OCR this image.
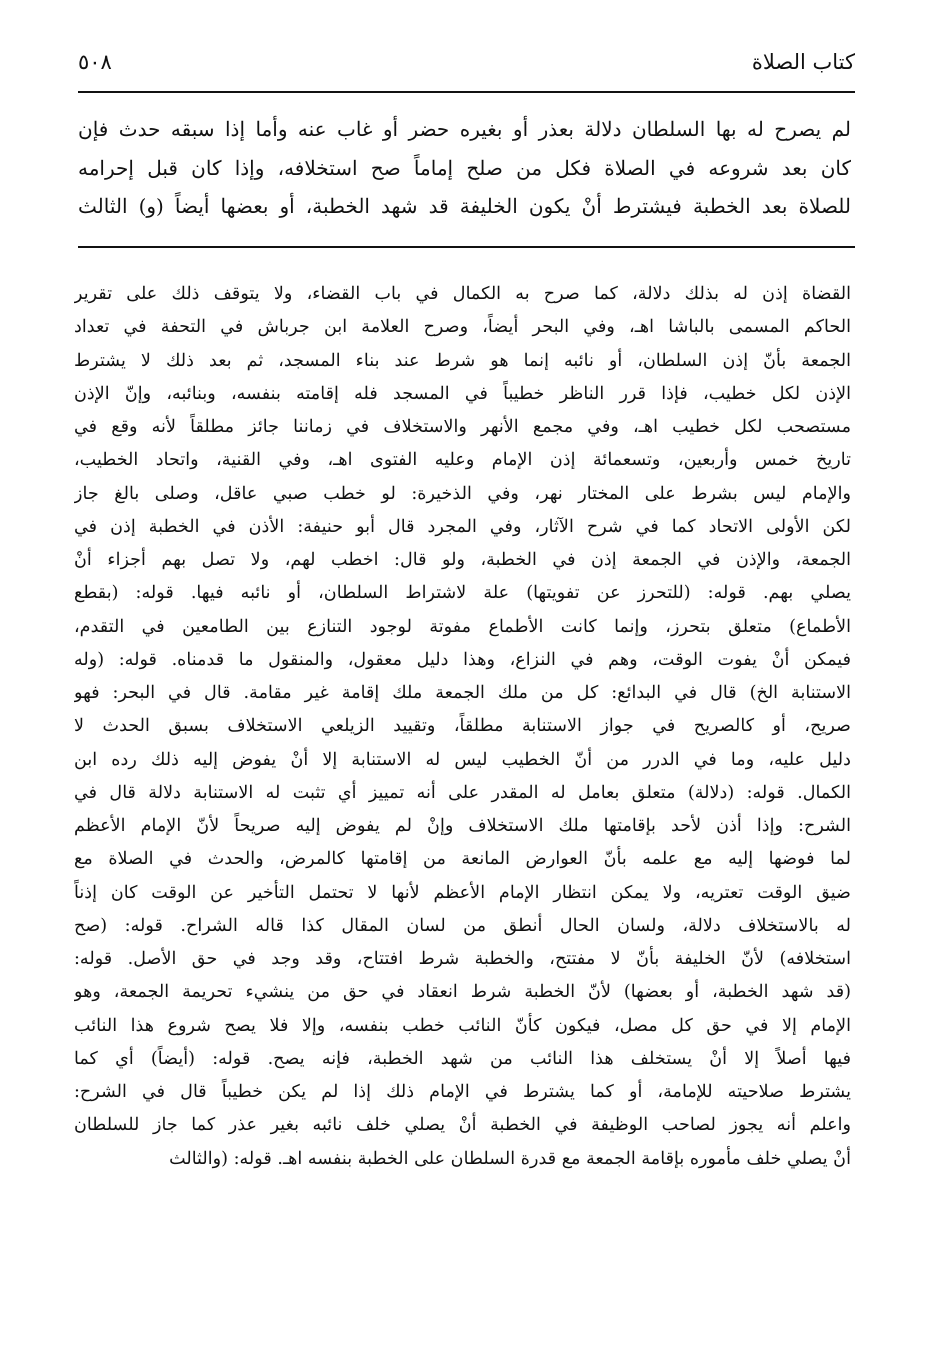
كتاب الصلاة
٥٠٨
لم يصرح له بها السلطان دلالة بعذر أو بغيره حضر أو غاب عنه وأما إذا سبقه حدث فإن
كان بعد شروعه في الصلاة فكل من صلح إماماً صح استخلافه، وإذا كان قبل إحرامه
للصلاة بعد الخطبة فيشترط أنْ يكون الخليفة قد شهد الخطبة، أو بعضها أيضاً (و) الثالث
القضاة إذن له بذلك دلالة، كما صرح به الكمال في باب القضاء، ولا يتوقف ذلك على تقرير
الحاكم المسمى بالباشا اهـ، وفي البحر أيضاً، وصرح العلامة ابن جرباش في التحفة في تعداد
الجمعة بأنّ إذن السلطان، أو نائبه إنما هو شرط عند بناء المسجد، ثم بعد ذلك لا يشترط
الإذن لكل خطيب، فإذا قرر الناظر خطيباً في المسجد فله إقامته بنفسه، وبنائبه، وإنّ الإذن
مستصحب لكل خطيب اهـ، وفي مجمع الأنهر والاستخلاف في زماننا جائز مطلقاً لأنه وقع في
تاريخ خمس وأربعين، وتسعمائة إذن الإمام وعليه الفتوى اهـ، وفي القنية، واتحاد الخطيب،
والإمام ليس بشرط على المختار نهر، وفي الذخيرة: لو خطب صبي عاقل، وصلى بالغ جاز
لكن الأولى الاتحاد كما في شرح الآثار، وفي المجرد قال أبو حنيفة: الأذن في الخطبة إذن في
الجمعة، والإذن في الجمعة إذن في الخطبة، ولو قال: اخطب لهم، ولا تصل بهم أجزاء أنْ
يصلي بهم. قوله: (للتحرز عن تفويتها) علة لاشتراط السلطان، أو نائبه فيها. قوله: (بقطع
الأطماع) متعلق بتحرز، وإنما كانت الأطماع مفوتة لوجود التنازع بين الطامعين في التقدم،
فيمكن أنْ يفوت الوقت، وهم في النزاع، وهذا دليل معقول، والمنقول ما قدمناه. قوله: (وله
الاستنابة الخ) قال في البدائع: كل من ملك الجمعة ملك إقامة غير مقامة. قال في البحر: فهو
صريح، أو كالصريح في جواز الاستنابة مطلقاً، وتقييد الزيلعي الاستخلاف بسبق الحدث لا
دليل عليه، وما في الدرر من أنّ الخطيب ليس له الاستنابة إلا أنْ يفوض إليه ذلك رده ابن
الكمال. قوله: (دلالة) متعلق بعامل له المقدر على أنه تمييز أي تثبت له الاستنابة دلالة قال في
الشرح: وإذا أذن لأحد بإقامتها ملك الاستخلاف وإنْ لم يفوض إليه صريحاً لأنّ الإمام الأعظم
لما فوضها إليه مع علمه بأنّ العوارض المانعة من إقامتها كالمرض، والحدث في الصلاة مع
ضيق الوقت تعتريه، ولا يمكن انتظار الإمام الأعظم لأنها لا تحتمل التأخير عن الوقت كان إذناً
له بالاستخلاف دلالة، ولسان الحال أنطق من لسان المقال كذا قاله الشراح. قوله: (صح
استخلافه) لأنّ الخليفة بأنّ لا مفتتح، والخطبة شرط افتتاح، وقد وجد في حق الأصل. قوله:
(قد شهد الخطبة، أو بعضها) لأنّ الخطبة شرط انعقاد في حق من ينشيء تحريمة الجمعة، وهو
الإمام إلا في حق كل مصل، فيكون كأنّ النائب خطب بنفسه، وإلا فلا يصح شروع هذا النائب
فيها أصلاً إلا أنْ يستخلف هذا النائب من شهد الخطبة، فإنه يصح. قوله: (أيضاً) أي كما
يشترط صلاحيته للإمامة، أو كما يشترط في الإمام ذلك إذا لم يكن خطيباً قال في الشرح:
واعلم أنه يجوز لصاحب الوظيفة في الخطبة أنْ يصلي خلف نائبه بغير عذر كما جاز للسلطان
أنْ يصلي خلف مأموره بإقامة الجمعة مع قدرة السلطان على الخطبة بنفسه اهـ. قوله: (والثالث
